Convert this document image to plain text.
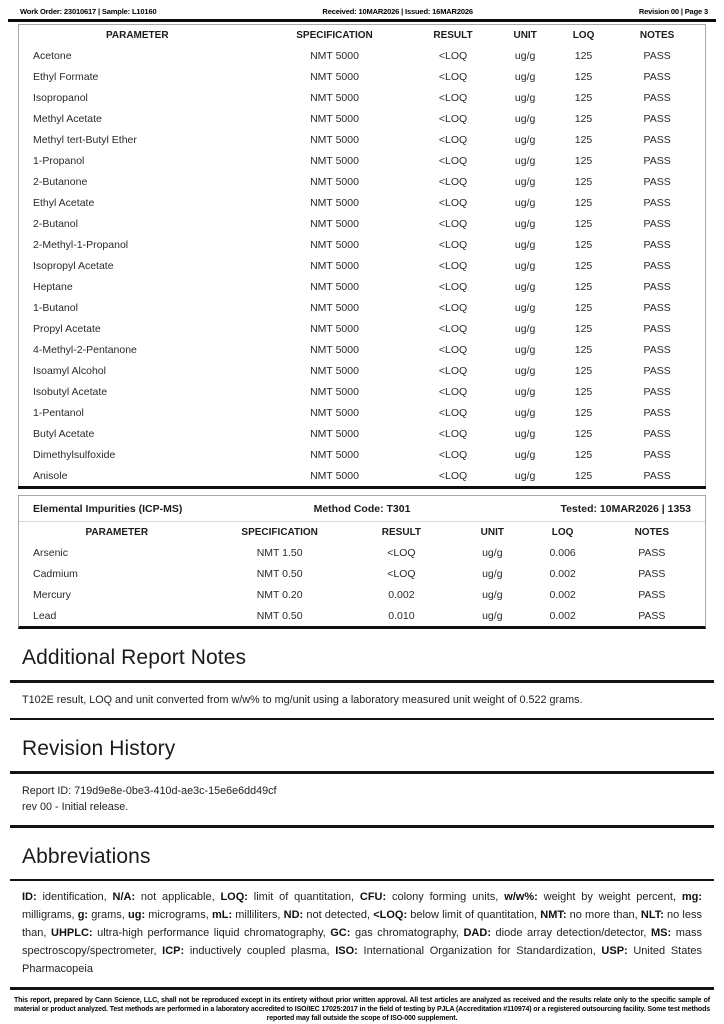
Work Order: 23010617 | Sample: L10160	Received: 10MAR2026 | Issued: 16MAR2026	Revision 00 | Page 3
PARAMETER	SPECIFICATION	RESULT	UNIT	LOQ	NOTES
Acetone	NMT 5000	<LOQ	ug/g	125	PASS
Ethyl Formate	NMT 5000	<LOQ	ug/g	125	PASS
Isopropanol	NMT 5000	<LOQ	ug/g	125	PASS
Methyl Acetate	NMT 5000	<LOQ	ug/g	125	PASS
Methyl tert-Butyl Ether	NMT 5000	<LOQ	ug/g	125	PASS
1-Propanol	NMT 5000	<LOQ	ug/g	125	PASS
2-Butanone	NMT 5000	<LOQ	ug/g	125	PASS
Ethyl Acetate	NMT 5000	<LOQ	ug/g	125	PASS
2-Butanol	NMT 5000	<LOQ	ug/g	125	PASS
2-Methyl-1-Propanol	NMT 5000	<LOQ	ug/g	125	PASS
Isopropyl Acetate	NMT 5000	<LOQ	ug/g	125	PASS
Heptane	NMT 5000	<LOQ	ug/g	125	PASS
1-Butanol	NMT 5000	<LOQ	ug/g	125	PASS
Propyl Acetate	NMT 5000	<LOQ	ug/g	125	PASS
4-Methyl-2-Pentanone	NMT 5000	<LOQ	ug/g	125	PASS
Isoamyl Alcohol	NMT 5000	<LOQ	ug/g	125	PASS
Isobutyl Acetate	NMT 5000	<LOQ	ug/g	125	PASS
1-Pentanol	NMT 5000	<LOQ	ug/g	125	PASS
Butyl Acetate	NMT 5000	<LOQ	ug/g	125	PASS
Dimethylsulfoxide	NMT 5000	<LOQ	ug/g	125	PASS
Anisole	NMT 5000	<LOQ	ug/g	125	PASS
Elemental Impurities (ICP-MS)	Method Code: T301	Tested: 10MAR2026 | 1353
PARAMETER	SPECIFICATION	RESULT	UNIT	LOQ	NOTES
Arsenic	NMT 1.50	<LOQ	ug/g	0.006	PASS
Cadmium	NMT 0.50	<LOQ	ug/g	0.002	PASS
Mercury	NMT 0.20	0.002	ug/g	0.002	PASS
Lead	NMT 0.50	0.010	ug/g	0.002	PASS
Additional Report Notes
T102E result, LOQ and unit converted from w/w% to mg/unit using a laboratory measured unit weight of 0.522 grams.
Revision History
Report ID: 719d9e8e-0be3-410d-ae3c-15e6e6dd49cf
rev 00 - Initial release.
Abbreviations
ID: identification, N/A: not applicable, LOQ: limit of quantitation, CFU: colony forming units, w/w%: weight by weight percent, mg: milligrams, g: grams, ug: micrograms, mL: milliliters, ND: not detected, <LOQ: below limit of quantitation, NMT: no more than, NLT: no less than, UHPLC: ultra-high performance liquid chromatography, GC: gas chromatography, DAD: diode array detection/detector, MS: mass spectroscopy/spectrometer, ICP: inductively coupled plasma, ISO: International Organization for Standardization, USP: United States Pharmacopeia
This report, prepared by Cann Science, LLC, shall not be reproduced except in its entirety without prior written approval. All test articles are analyzed as received and the results relate only to the specific sample of material or product analyzed. Test methods are performed in a laboratory accredited to ISO/IEC 17025:2017 in the field of testing by PJLA (Accreditation #110974) or a registered outsourcing facility. Some test methods reported may fall outside the scope of ISO-000 supplement.
